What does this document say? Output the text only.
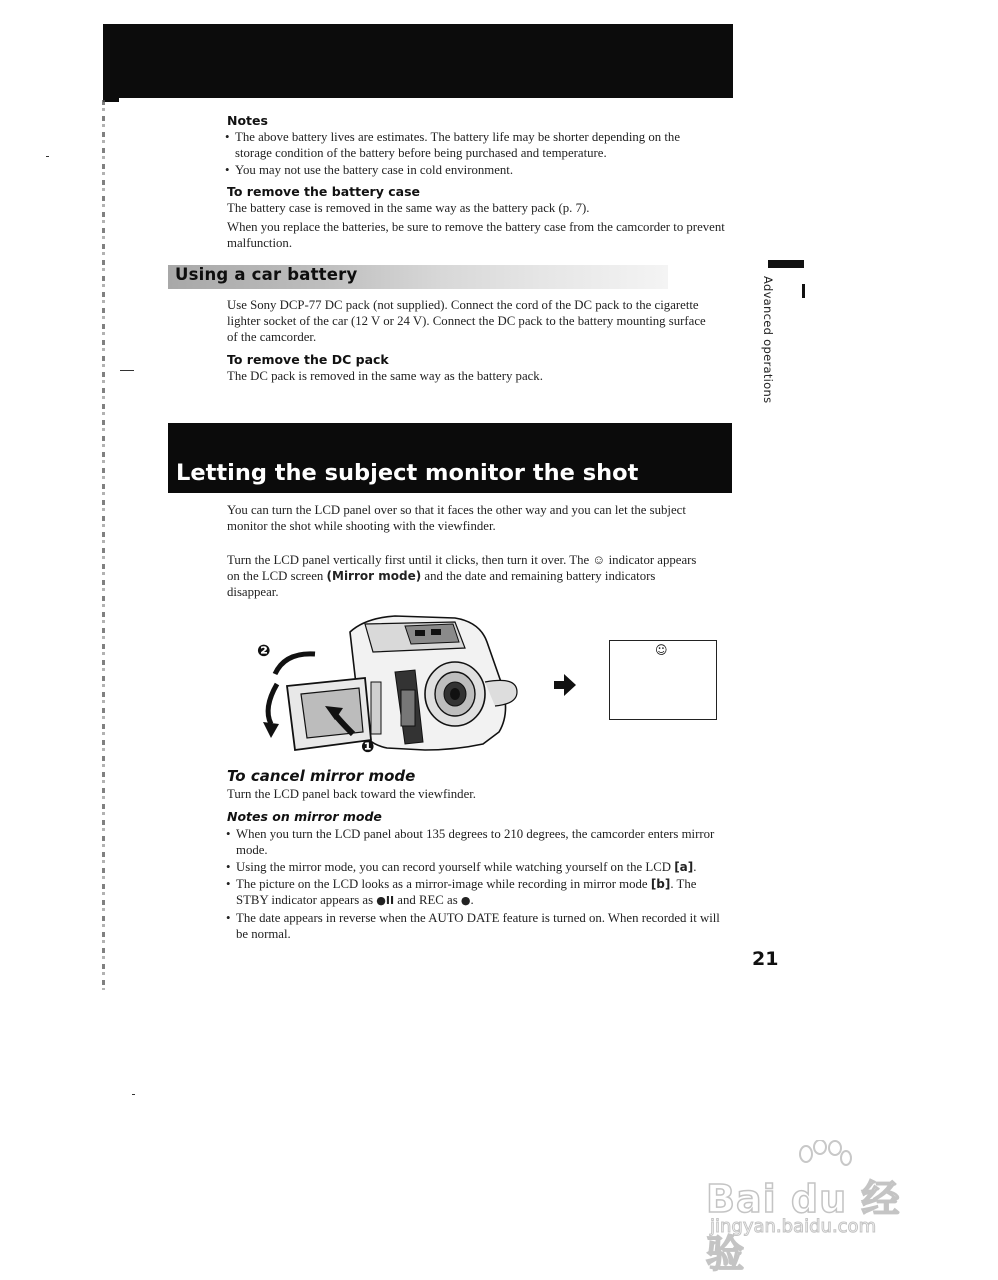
Notes
• The above battery lives are estimates. The battery life may be shorter depending on the storage condition of the battery before being purchased and temperature.
• You may not use the battery case in cold environment.
To remove the battery case
The battery case is removed in the same way as the battery pack (p. 7).
When you replace the batteries, be sure to remove the battery case from the camcorder to prevent malfunction.
Using a car battery
Use Sony DCP-77 DC pack (not supplied). Connect the cord of the DC pack to the cigarette lighter socket of the car (12 V or 24 V). Connect the DC pack to the battery mounting surface of the camcorder.
To remove the DC pack
The DC pack is removed in the same way as the battery pack.	Advanced operations
Letting the subject monitor the shot
You can turn the LCD panel over so that it faces the other way and you can let the subject monitor the shot while shooting with the viewfinder.
Turn the LCD panel vertically first until it clicks, then turn it over. The ☺ indicator appears on the LCD screen (Mirror mode) and the date and remaining battery indicators disappear.
❷
❶
☺
To cancel mirror mode
Turn the LCD panel back toward the viewfinder.
Notes on mirror mode
• When you turn the LCD panel about 135 degrees to 210 degrees, the camcorder enters mirror mode.
• Using the mirror mode, you can record yourself while watching yourself on the LCD [a].
• The picture on the LCD looks as a mirror-image while recording in mirror mode [b]. The STBY indicator appears as ●II and REC as ●.
• The date appears in reverse when the AUTO DATE feature is turned on. When recorded it will be normal.
21
Bai du 经验
jingyan.baidu.com
